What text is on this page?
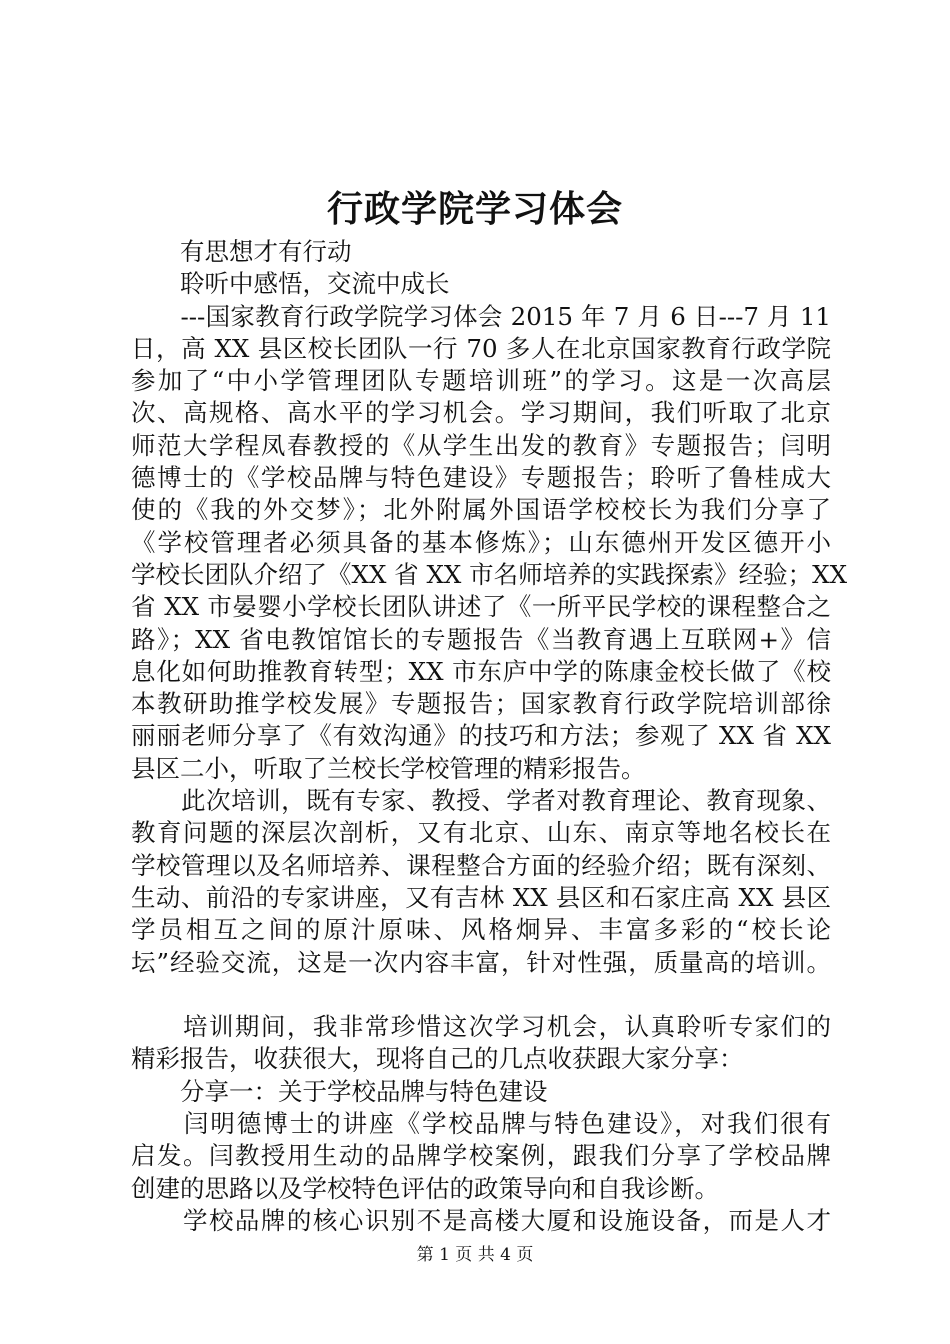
行政学院学习体会
　　有思想才有行动
　　聆听中感悟，交流中成长
　　---国家教育行政学院学习体会 2015 年 7 月 6 日---7 月 11
日，高 XX 县区校长团队一行 70 多人在北京国家教育行政学院
参加了“中小学管理团队专题培训班”的学习。这是一次高层
次、高规格、高水平的学习机会。学习期间，我们听取了北京
师范大学程凤春教授的《从学生出发的教育》专题报告；闫明
德博士的《学校品牌与特色建设》专题报告；聆听了鲁桂成大
使的《我的外交梦》；北外附属外国语学校校长为我们分享了
《学校管理者必须具备的基本修炼》；山东德州开发区德开小
学校长团队介绍了《XX 省 XX 市名师培养的实践探索》经验；XX
省 XX 市晏婴小学校长团队讲述了《一所平民学校的课程整合之
路》；XX 省电教馆馆长的专题报告《当教育遇上互联网+》信
息化如何助推教育转型；XX 市东庐中学的陈康金校长做了《校
本教研助推学校发展》专题报告；国家教育行政学院培训部徐
丽丽老师分享了《有效沟通》的技巧和方法；参观了 XX 省 XX
县区二小，听取了兰校长学校管理的精彩报告。
　　此次培训，既有专家、教授、学者对教育理论、教育现象、
教育问题的深层次剖析，又有北京、山东、南京等地名校长在
学校管理以及名师培养、课程整合方面的经验介绍；既有深刻、
生动、前沿的专家讲座，又有吉林 XX 县区和石家庄高 XX 县区
学员相互之间的原汁原味、风格炯异、丰富多彩的“校长论
坛”经验交流，这是一次内容丰富，针对性强，质量高的培训。
　　培训期间，我非常珍惜这次学习机会，认真聆听专家们的
精彩报告，收获很大，现将自己的几点收获跟大家分享：
　　分享一：关于学校品牌与特色建设
　　闫明德博士的讲座《学校品牌与特色建设》，对我们很有
启发。闫教授用生动的品牌学校案例，跟我们分享了学校品牌
创建的思路以及学校特色评估的政策导向和自我诊断。
　　学校品牌的核心识别不是高楼大厦和设施设备，而是人才
第 1 页 共 4 页
